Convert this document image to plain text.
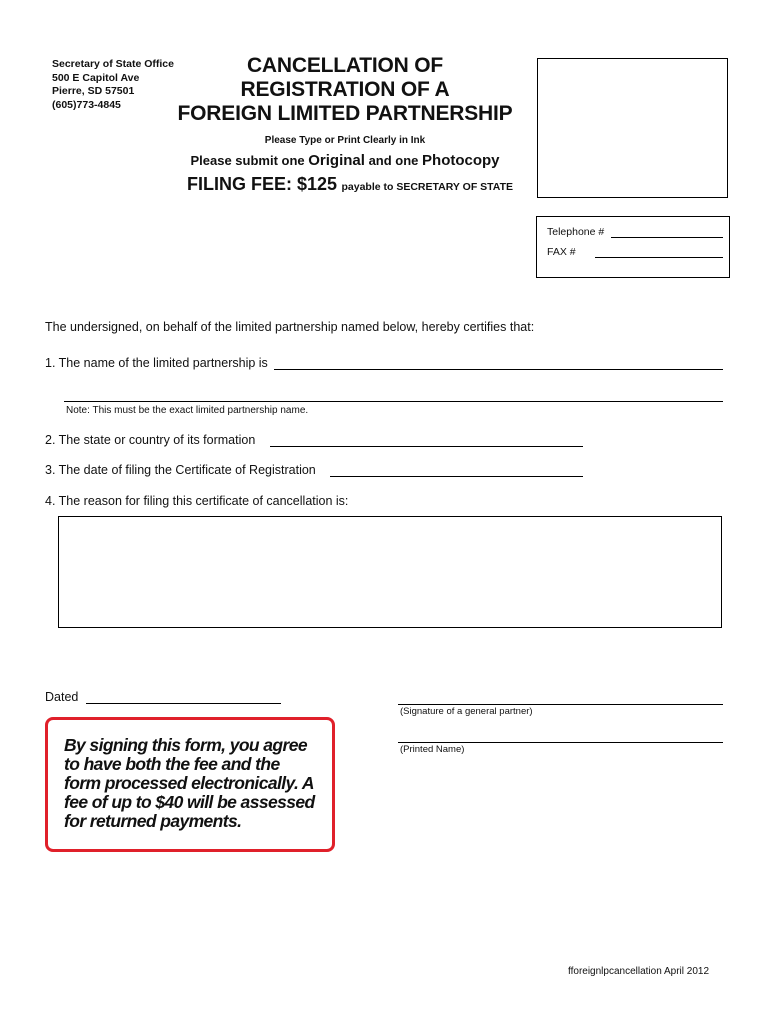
Secretary of State Office
500 E Capitol Ave
Pierre, SD 57501
(605)773-4845
CANCELLATION OF
REGISTRATION OF A
FOREIGN LIMITED PARTNERSHIP
Please Type or Print Clearly in Ink
Please submit one Original and one Photocopy
FILING FEE: $125 payable to SECRETARY OF STATE
Telephone #
FAX #
The undersigned, on behalf of the limited partnership named below, hereby certifies that:
1. The name of the limited partnership is
Note: This must be the exact limited partnership name.
2. The state or country of its formation
3. The date of filing the Certificate of Registration
4. The reason for filing this certificate of cancellation is:
Dated
(Signature of a general partner)
(Printed Name)
By signing this form, you agree to have both the fee and the form processed electronically. A fee of up to $40 will be assessed for returned payments.
fforeignlpcancellation April 2012
